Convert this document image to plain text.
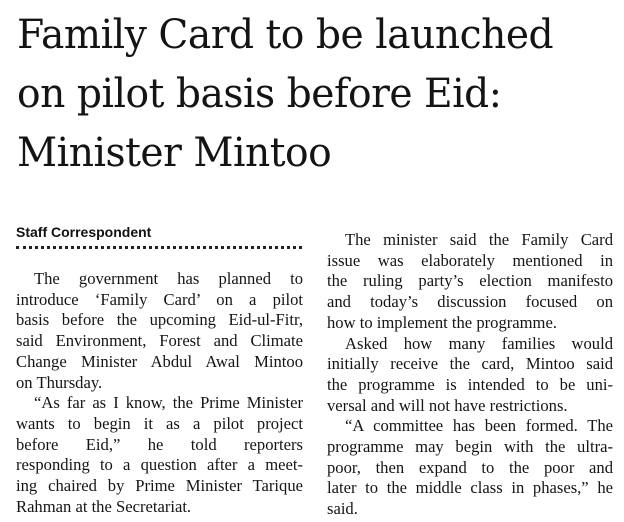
Family Card to be launched
on pilot basis before Eid:
Minister Mintoo
Staff Correspondent
The government has planned to
introduce ‘Family Card’ on a pilot
basis before the upcoming Eid-ul-Fitr,
said Environment, Forest and Climate
Change Minister Abdul Awal Mintoo
on Thursday.
“As far as I know, the Prime Minister
wants to begin it as a pilot project
before Eid,” he told reporters
responding to a question after a meet-
ing chaired by Prime Minister Tarique
Rahman at the Secretariat.
The minister said the Family Card
issue was elaborately mentioned in
the ruling party’s election manifesto
and today’s discussion focused on
how to implement the programme.
Asked how many families would
initially receive the card, Mintoo said
the programme is intended to be uni-
versal and will not have restrictions.
“A committee has been formed. The
programme may begin with the ultra-
poor, then expand to the poor and
later to the middle class in phases,” he
said.
